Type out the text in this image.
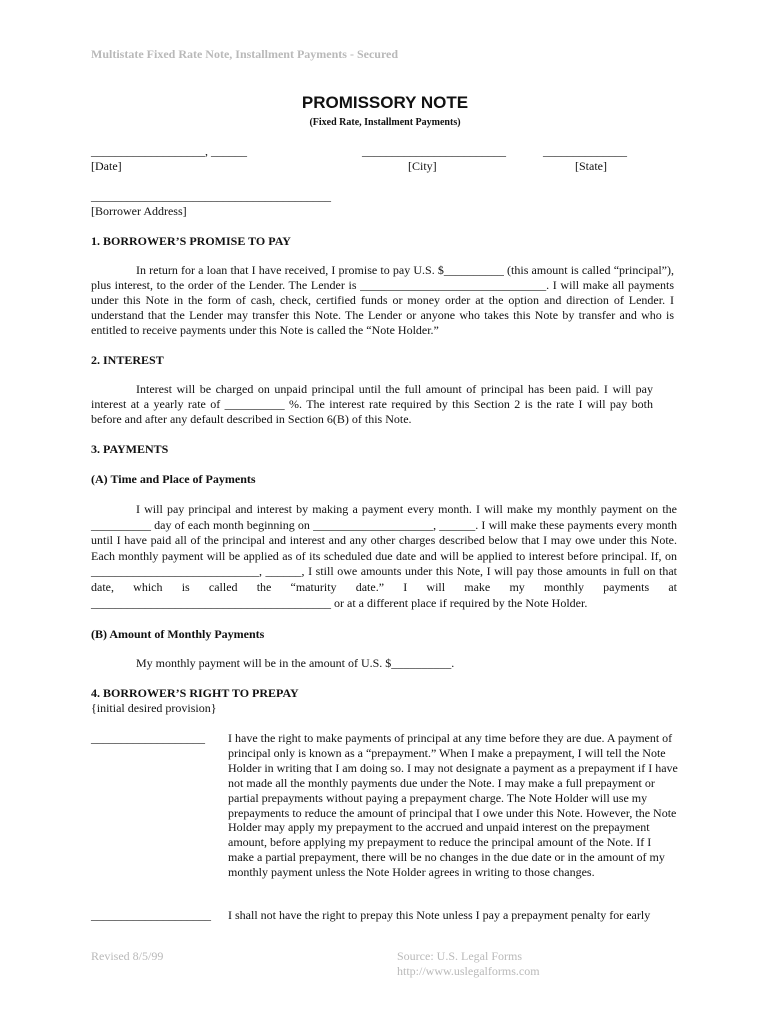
Multistate Fixed Rate Note, Installment Payments - Secured
PROMISSORY NOTE
(Fixed Rate, Installment Payments)
___________________, ______	________________________	______________
[Date]	[City]	[State]
________________________________________
[Borrower Address]
1. BORROWER’S PROMISE TO PAY

In return for a loan that I have received, I promise to pay U.S. $__________ (this amount is called “principal”), plus interest, to the order of the Lender. The Lender is _______________________________. I will make all payments under this Note in the form of cash, check, certified funds or money order at the option and direction of Lender. I understand that the Lender may transfer this Note. The Lender or anyone who takes this Note by transfer and who is entitled to receive payments under this Note is called the “Note Holder.”

2. INTEREST

Interest will be charged on unpaid principal until the full amount of principal has been paid. I will pay interest at a yearly rate of __________ %. The interest rate required by this Section 2 is the rate I will pay both before and after any default described in Section 6(B) of this Note.

3. PAYMENTS
(A) Time and Place of Payments

I will pay principal and interest by making a payment every month. I will make my monthly payment on the __________ day of each month beginning on ____________________, ______. I will make these payments every month until I have paid all of the principal and interest and any other charges described below that I may owe under this Note. Each monthly payment will be applied as of its scheduled due date and will be applied to interest before principal. If, on ____________________________, ______, I still owe amounts under this Note, I will pay those amounts in full on that date, which is called the “maturity date.” I will make my monthly payments at ________________________________________ or at a different place if required by the Note Holder.

(B) Amount of Monthly Payments
My monthly payment will be in the amount of U.S. $__________.
4. BORROWER’S RIGHT TO PREPAY
{initial desired provision}
___________________ I have the right to make payments of principal at any time before they are due. A payment of principal only is known as a “prepayment.” When I make a prepayment, I will tell the Note Holder in writing that I am doing so. I may not designate a payment as a prepayment if I have not made all the monthly payments due under the Note. I may make a full prepayment or partial prepayments without paying a prepayment charge. The Note Holder will use my prepayments to reduce the amount of principal that I owe under this Note. However, the Note Holder may apply my prepayment to the accrued and unpaid interest on the prepayment amount, before applying my prepayment to reduce the principal amount of the Note. If I make a partial prepayment, there will be no changes in the due date or in the amount of my monthly payment unless the Note Holder agrees in writing to those changes.

____________________ I shall not have the right to prepay this Note unless I pay a prepayment penalty for early
Revised 8/5/99	Source: U.S. Legal Forms
http://www.uslegalforms.com
